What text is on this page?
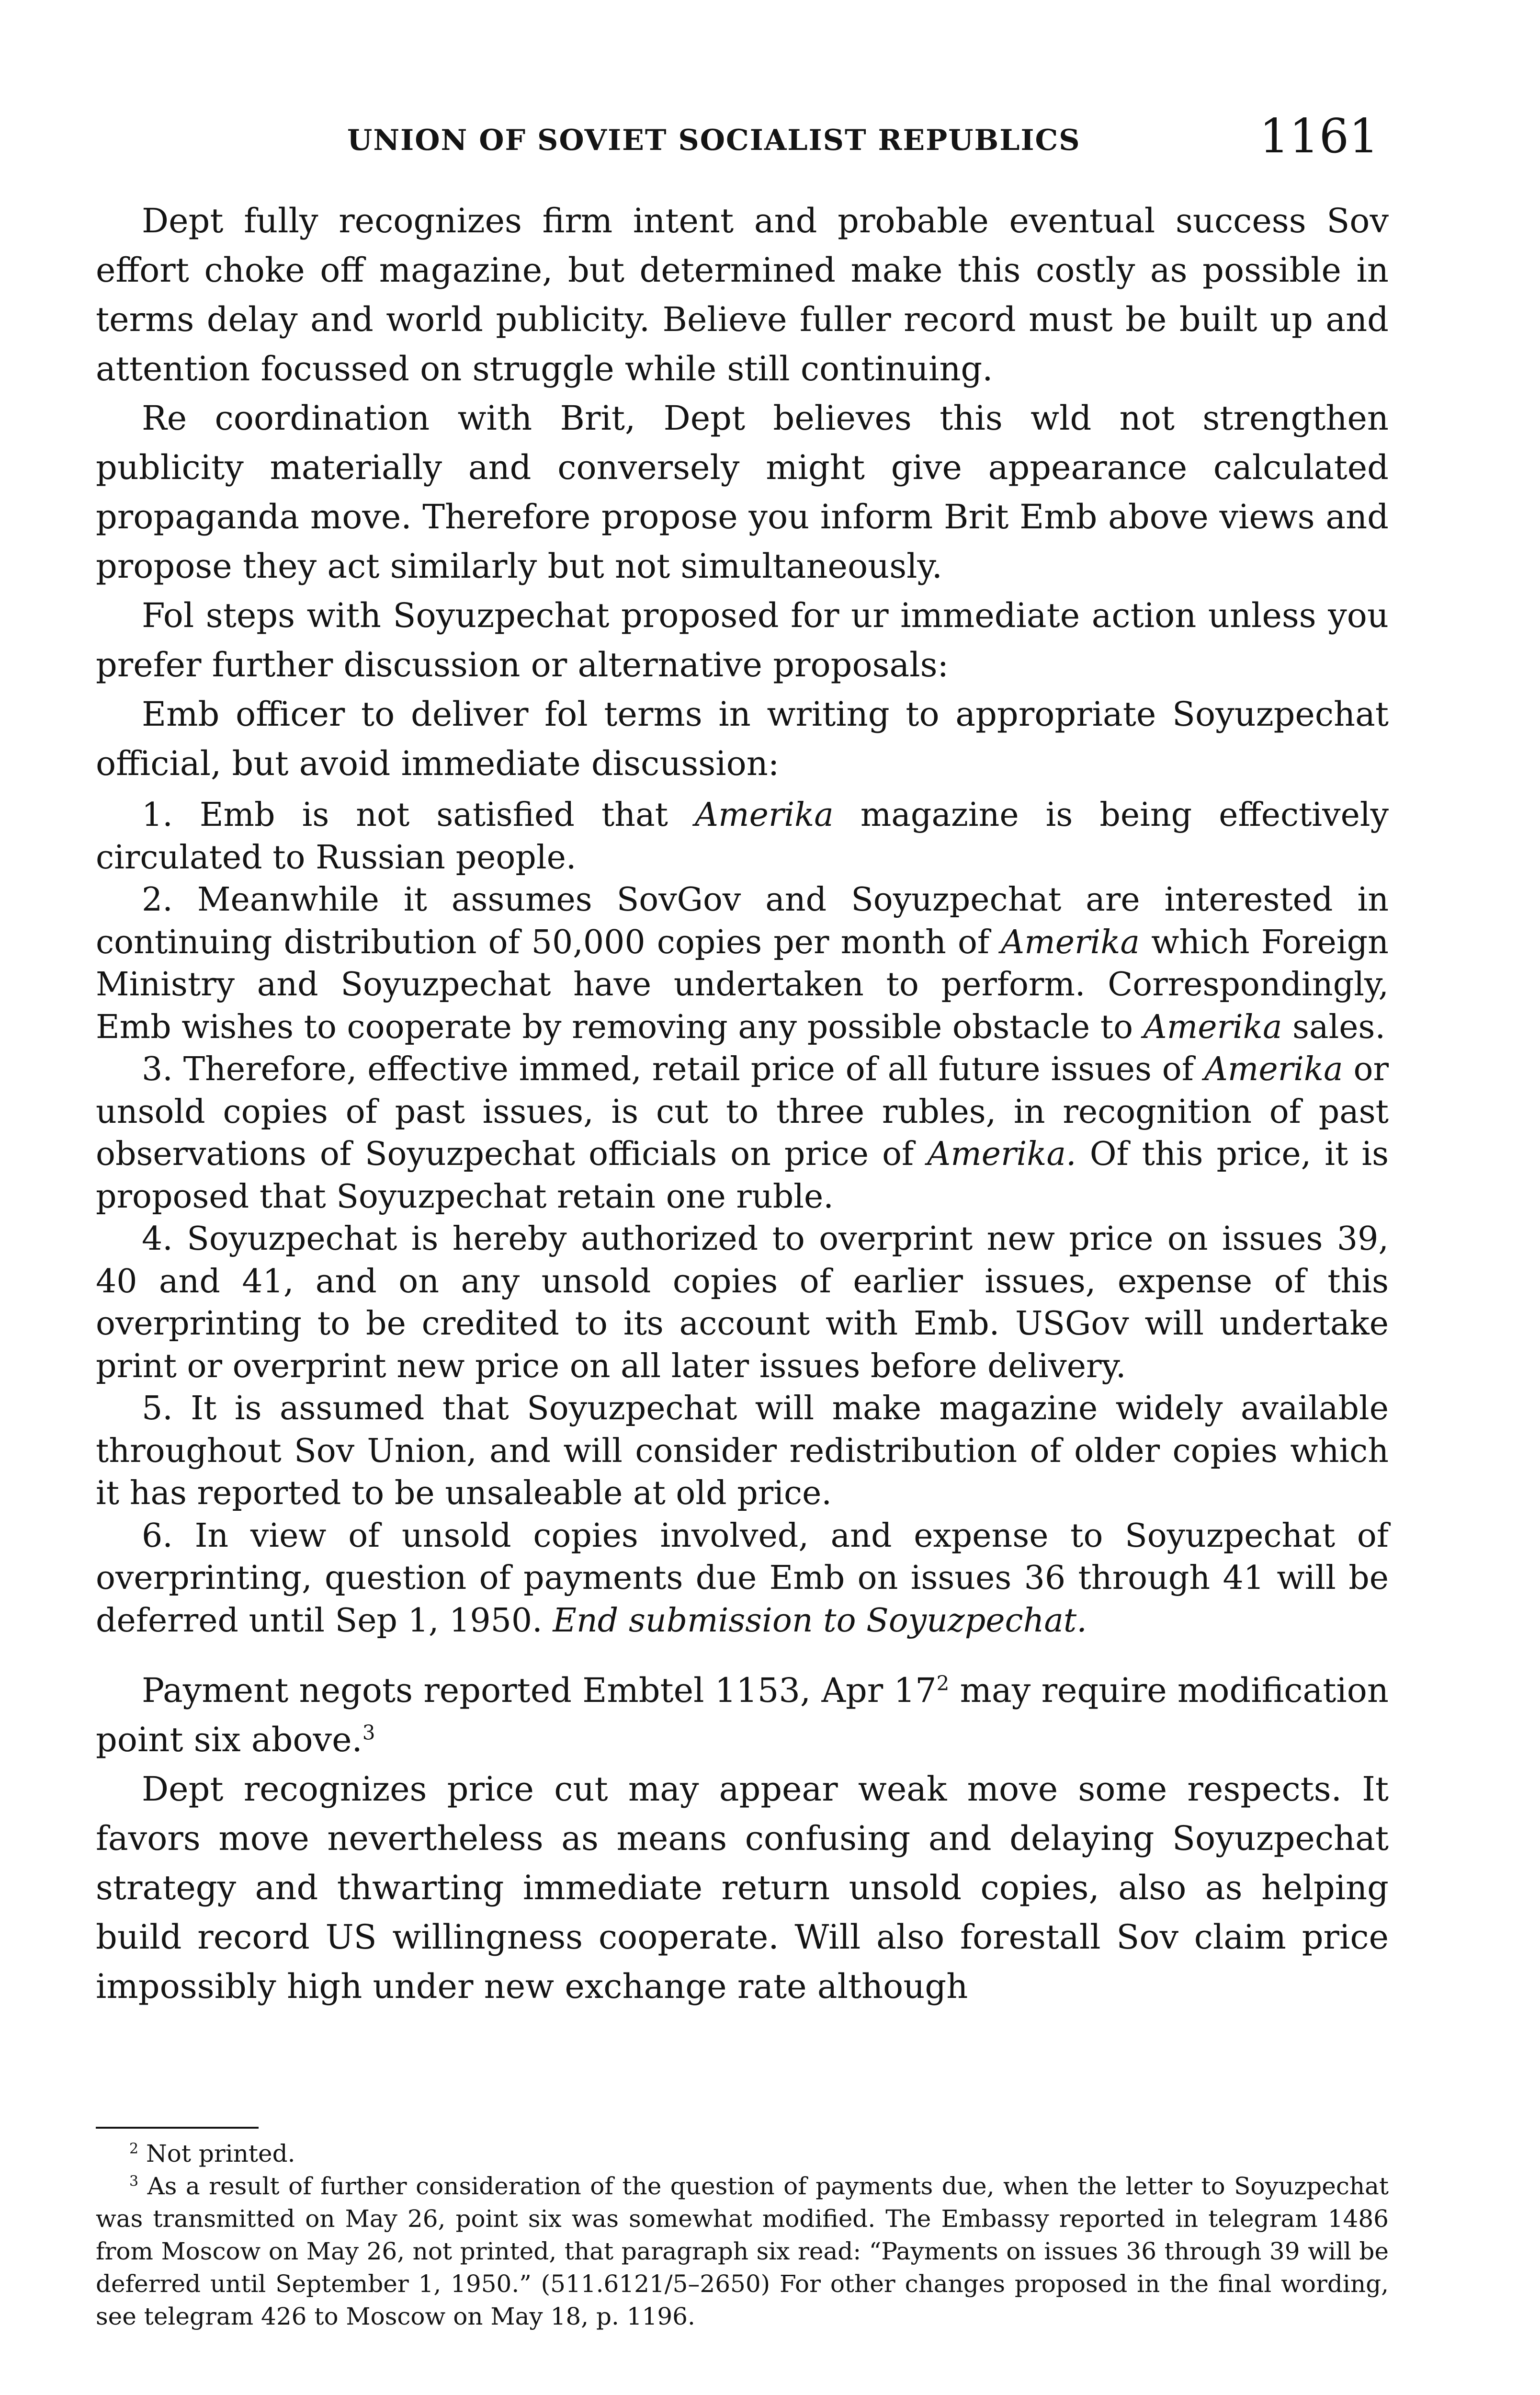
UNION OF SOVIET SOCIALIST REPUBLICS	1161

Dept fully recognizes firm intent and probable eventual success Sov effort choke off magazine, but determined make this costly as possible in terms delay and world publicity. Believe fuller record must be built up and attention focussed on struggle while still continuing.

Re coordination with Brit, Dept believes this wld not strengthen publicity materially and conversely might give appearance calculated propaganda move. Therefore propose you inform Brit Emb above views and propose they act similarly but not simultaneously.

Fol steps with Soyuzpechat proposed for ur immediate action unless you prefer further discussion or alternative proposals:

Emb officer to deliver fol terms in writing to appropriate Soyuzpechat official, but avoid immediate discussion:

1. Emb is not satisfied that Amerika magazine is being effectively circulated to Russian people.

2. Meanwhile it assumes SovGov and Soyuzpechat are interested in continuing distribution of 50,000 copies per month of Amerika which Foreign Ministry and Soyuzpechat have undertaken to perform. Correspondingly, Emb wishes to cooperate by removing any possible obstacle to Amerika sales.

3. Therefore, effective immed, retail price of all future issues of Amerika or unsold copies of past issues, is cut to three rubles, in recognition of past observations of Soyuzpechat officials on price of Amerika. Of this price, it is proposed that Soyuzpechat retain one ruble.

4. Soyuzpechat is hereby authorized to overprint new price on issues 39, 40 and 41, and on any unsold copies of earlier issues, expense of this overprinting to be credited to its account with Emb. USGov will undertake print or overprint new price on all later issues before delivery.

5. It is assumed that Soyuzpechat will make magazine widely available throughout Sov Union, and will consider redistribution of older copies which it has reported to be unsaleable at old price.

6. In view of unsold copies involved, and expense to Soyuzpechat of overprinting, question of payments due Emb on issues 36 through 41 will be deferred until Sep 1, 1950. End submission to Soyuzpechat.

Payment negots reported Embtel 1153, Apr $17^2$ may require modification point six above.$^3$

Dept recognizes price cut may appear weak move some respects. It favors move nevertheless as means confusing and delaying Soyuzpechat strategy and thwarting immediate return unsold copies, also as helping build record US willingness cooperate. Will also forestall Sov claim price impossibly high under new exchange rate although

$^2$ Not printed.

$^3$ As a result of further consideration of the question of payments due, when the letter to Soyuzpechat was transmitted on May 26, point six was somewhat modified. The Embassy reported in telegram 1486 from Moscow on May 26, not printed, that paragraph six read: “Payments on issues 36 through 39 will be deferred until September 1, 1950.” (511.6121/5–2650) For other changes proposed in the final wording, see telegram 426 to Moscow on May 18, p. 1196.
